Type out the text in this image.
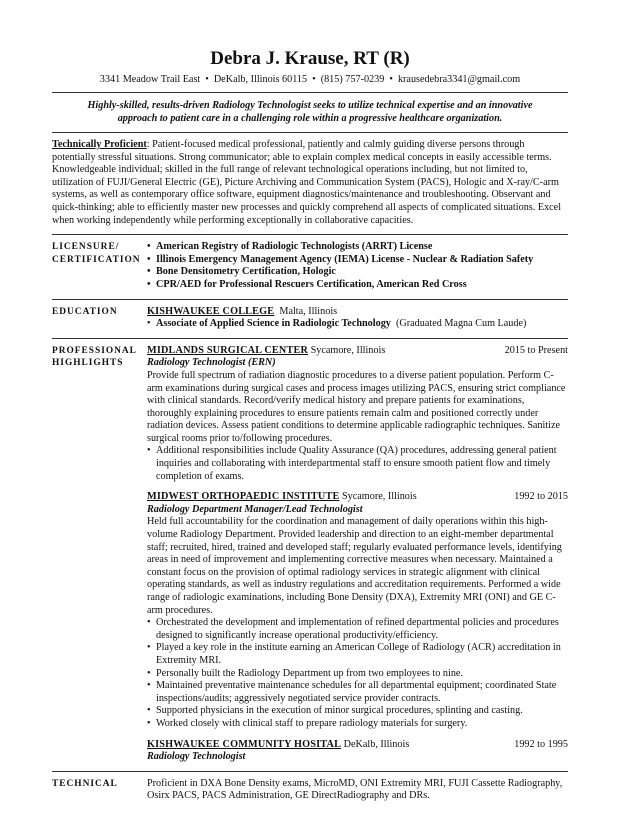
Debra J. Krause, RT (R)
3341 Meadow Trail East • DeKalb, Illinois 60115 • (815) 757-0239 • krausedebra3341@gmail.com
Highly-skilled, results-driven Radiology Technologist seeks to utilize technical expertise and an innovative
approach to patient care in a challenging role within a progressive healthcare organization.

Technically Proficient: Patient-focused medical professional, patiently and calmly guiding diverse persons through potentially stressful situations. Strong communicator; able to explain complex medical concepts in easily accessible terms. Knowledgeable individual; skilled in the full range of relevant technological operations including, but not limited to, utilization of FUJI/General Electric (GE), Picture Archiving and Communication System (PACS), Hologic and X-ray/C-arm systems, as well as contemporary office software, equipment diagnostics/maintenance and troubleshooting. Observant and quick-thinking; able to efficiently master new processes and quickly comprehend all aspects of complicated situations. Excel when working independently while performing exceptionally in collaborative capacities.

LICENSURE/
CERTIFICATION
• American Registry of Radiologic Technologists (ARRT) License
• Illinois Emergency Management Agency (IEMA) License - Nuclear & Radiation Safety
• Bone Densitometry Certification, Hologic
• CPR/AED for Professional Rescuers Certification, American Red Cross
EDUCATION	KISHWAUKEE COLLEGE Malta, Illinois
• Associate of Applied Science in Radiologic Technology (Graduated Magna Cum Laude)
PROFESSIONAL
HIGHLIGHTS
MIDLANDS SURGICAL CENTER Sycamore, Illinois	2015 to Present
Radiology Technologist (ERN)
Provide full spectrum of radiation diagnostic procedures to a diverse patient population. Perform C-arm examinations during surgical cases and process images utilizing PACS, ensuring strict compliance with clinical standards. Record/verify medical history and prepare patients for examinations, thoroughly explaining procedures to ensure patients remain calm and positioned correctly under radiation devices. Assess patient conditions to determine applicable radiographic techniques. Sanitize surgical rooms prior to/following procedures.
• Additional responsibilities include Quality Assurance (QA) procedures, addressing general patient inquiries and collaborating with interdepartmental staff to ensure smooth patient flow and timely completion of exams.
MIDWEST ORTHOPAEDIC INSTITUTE Sycamore, Illinois	1992 to 2015
Radiology Department Manager/Lead Technologist
Held full accountability for the coordination and management of daily operations within this high-volume Radiology Department. Provided leadership and direction to an eight-member departmental staff; recruited, hired, trained and developed staff; regularly evaluated performance levels, identifying areas in need of improvement and implementing corrective measures when necessary. Maintained a constant focus on the provision of optimal radiology services in strategic alignment with clinical operating standards, as well as industry regulations and accreditation requirements. Performed a wide range of radiologic examinations, including Bone Density (DXA), Extremity MRI (ONI) and GE C-arm procedures.
• Orchestrated the development and implementation of refined departmental policies and procedures designed to significantly increase operational productivity/efficiency.
• Played a key role in the institute earning an American College of Radiology (ACR) accreditation in Extremity MRI.
• Personally built the Radiology Department up from two employees to nine.
• Maintained preventative maintenance schedules for all departmental equipment; coordinated State inspections/audits; aggressively negotiated service provider contracts.
• Supported physicians in the execution of minor surgical procedures, splinting and casting.
• Worked closely with clinical staff to prepare radiology materials for surgery.
KISHWAUKEE COMMUNITY HOSITAL DeKalb, Illinois	1992 to 1995
Radiology Technologist
TECHNICAL	Proficient in DXA Bone Density exams, MicroMD, ONI Extremity MRI, FUJI Cassette Radiography, Osirx PACS, PACS Administration, GE DirectRadiography and DRs.
